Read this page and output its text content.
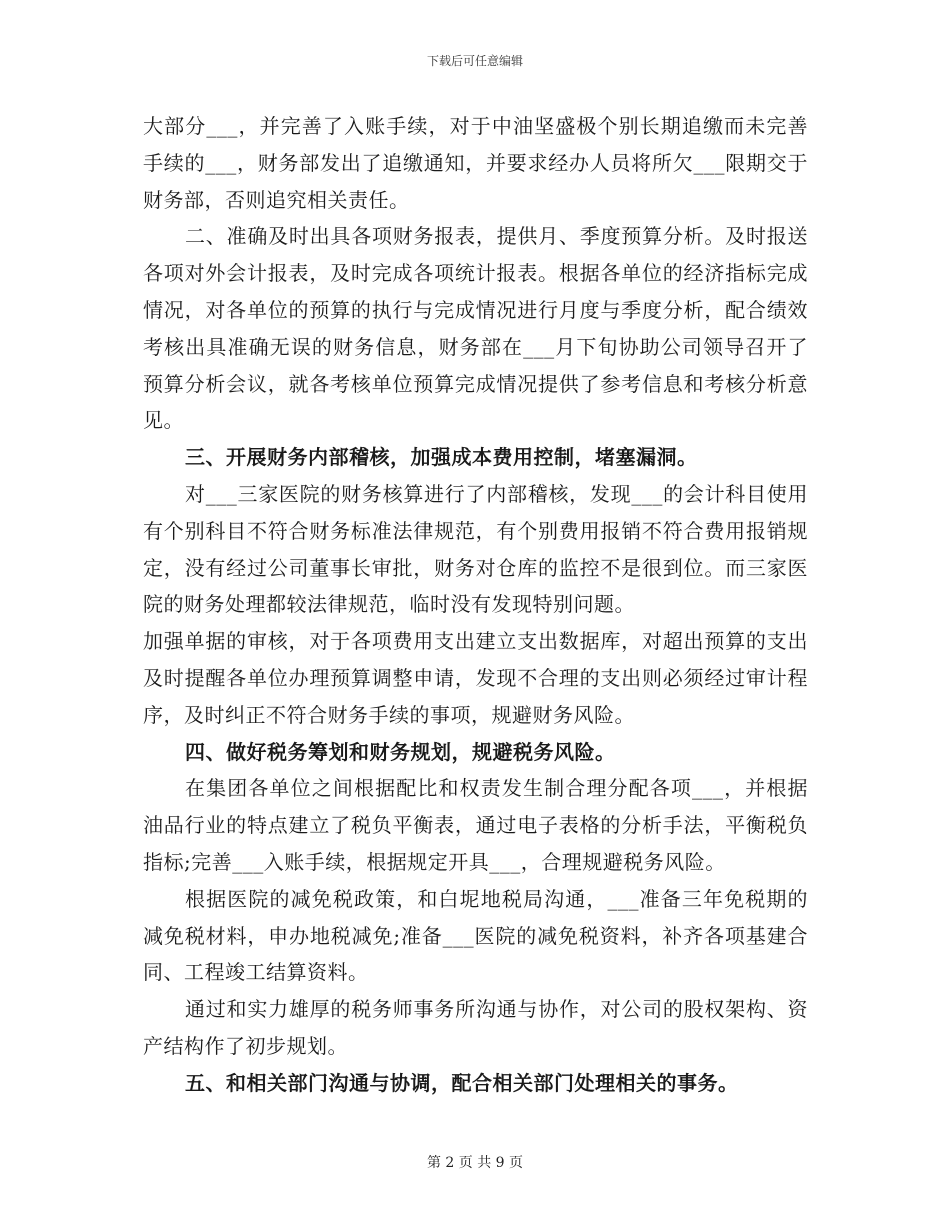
下载后可任意编辑

大部分___，并完善了入账手续，对于中油坚盛极个别长期追缴而未完善手续的___，财务部发出了追缴通知，并要求经办人员将所欠___限期交于财务部，否则追究相关责任。

二、准确及时出具各项财务报表，提供月、季度预算分析。及时报送各项对外会计报表，及时完成各项统计报表。根据各单位的经济指标完成情况，对各单位的预算的执行与完成情况进行月度与季度分析，配合绩效考核出具准确无误的财务信息，财务部在___月下旬协助公司领导召开了预算分析会议，就各考核单位预算完成情况提供了参考信息和考核分析意见。

三、开展财务内部稽核，加强成本费用控制，堵塞漏洞。

对___三家医院的财务核算进行了内部稽核，发现___的会计科目使用有个别科目不符合财务标准法律规范，有个别费用报销不符合费用报销规定，没有经过公司董事长审批，财务对仓库的监控不是很到位。而三家医院的财务处理都较法律规范，临时没有发现特别问题。

加强单据的审核，对于各项费用支出建立支出数据库，对超出预算的支出及时提醒各单位办理预算调整申请，发现不合理的支出则必须经过审计程序，及时纠正不符合财务手续的事项，规避财务风险。

四、做好税务筹划和财务规划，规避税务风险。

在集团各单位之间根据配比和权责发生制合理分配各项___，并根据油品行业的特点建立了税负平衡表，通过电子表格的分析手法，平衡税负指标;完善___入账手续，根据规定开具___，合理规避税务风险。

根据医院的减免税政策，和白坭地税局沟通，___准备三年免税期的减免税材料，申办地税减免;准备___医院的减免税资料，补齐各项基建合同、工程竣工结算资料。

通过和实力雄厚的税务师事务所沟通与协作，对公司的股权架构、资产结构作了初步规划。

五、和相关部门沟通与协调，配合相关部门处理相关的事务。

第 2 页 共 9 页
